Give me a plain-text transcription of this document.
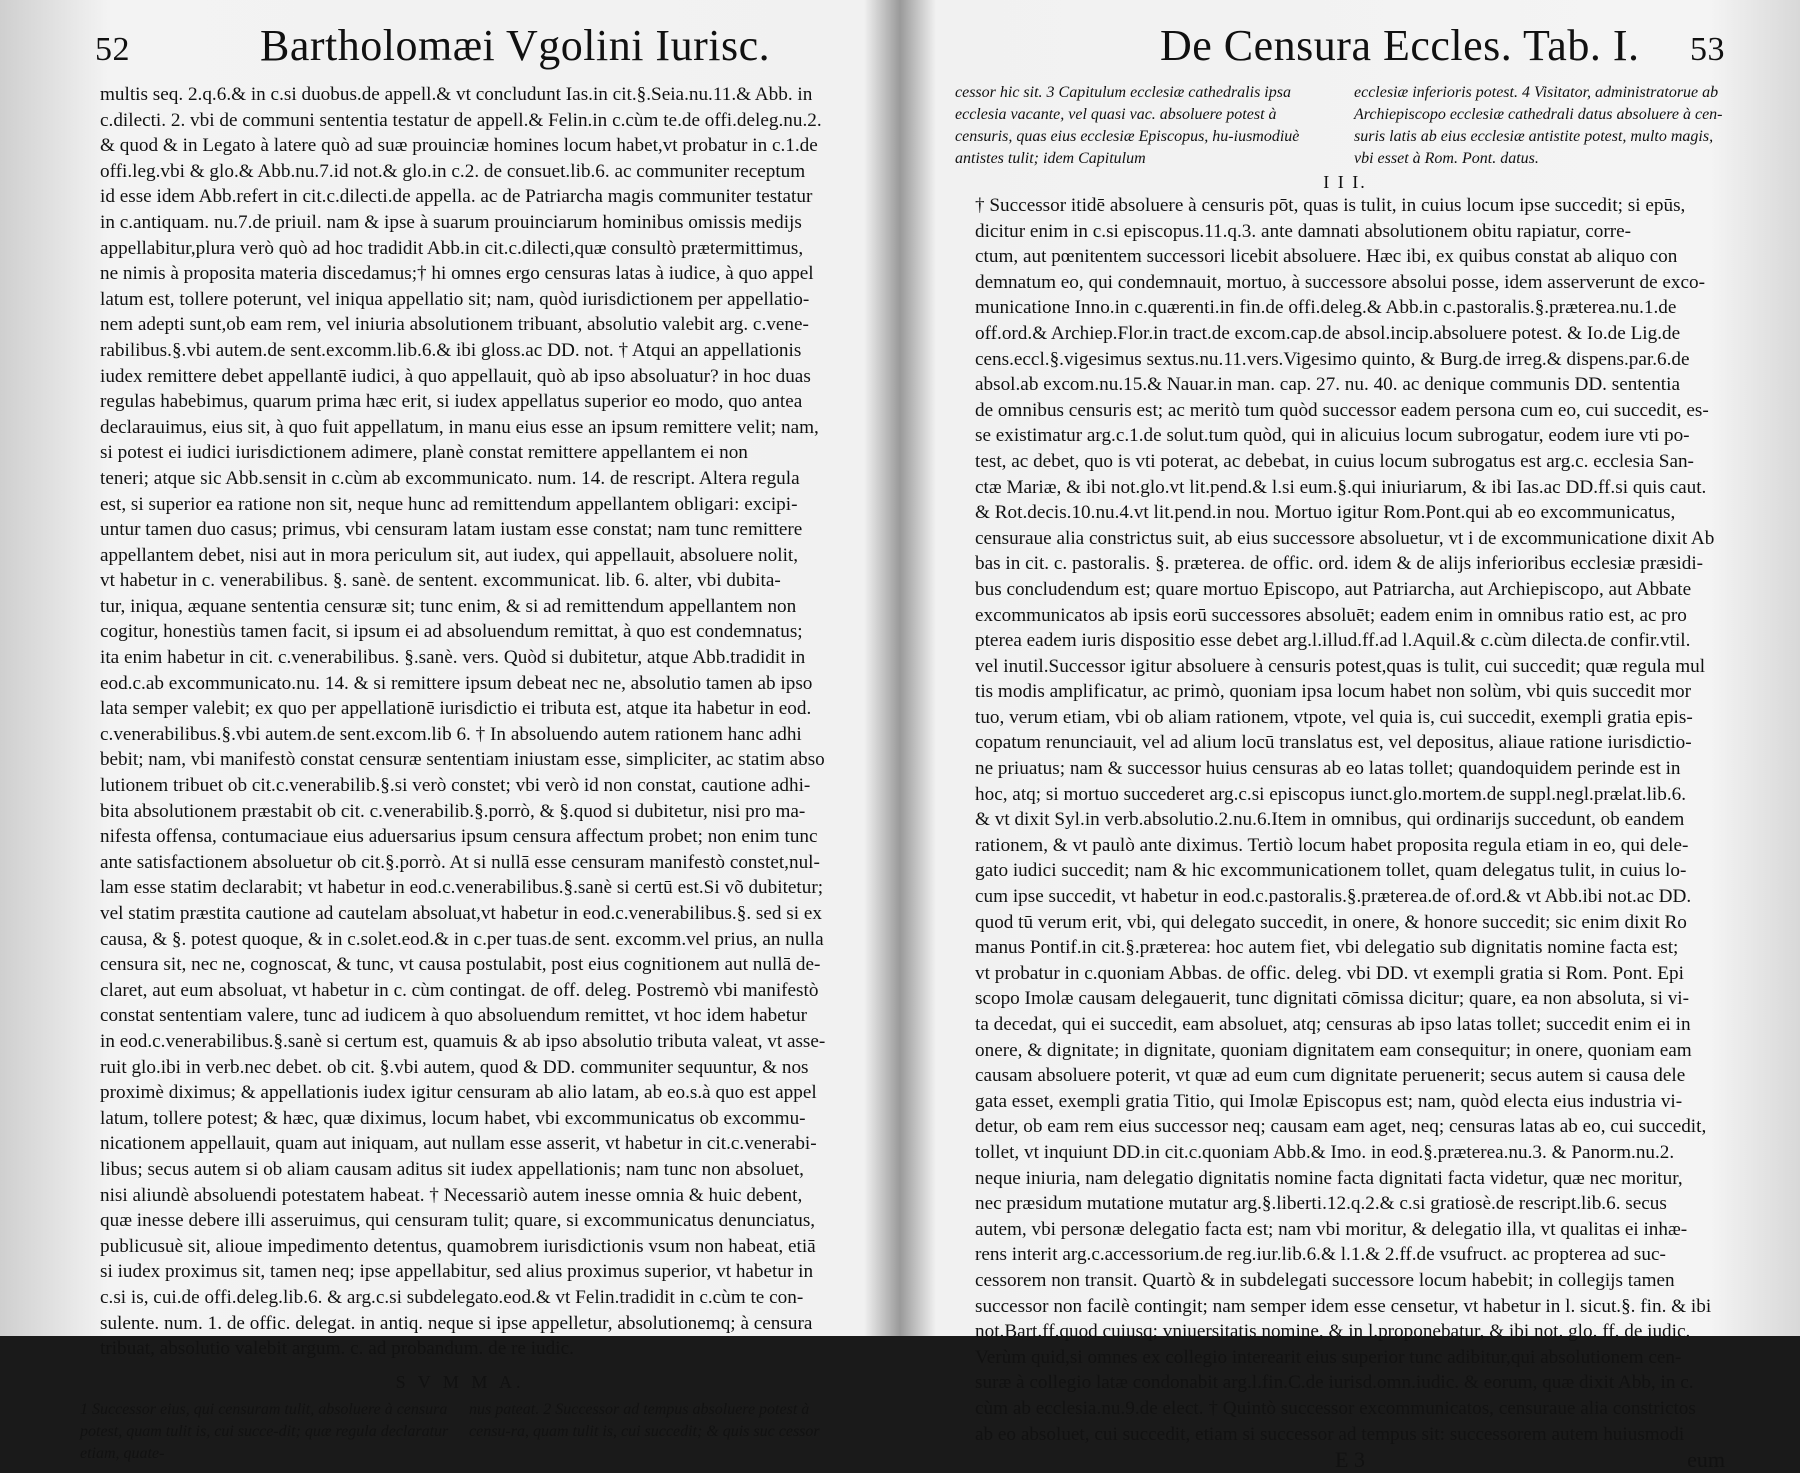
52	Bartholomæi Vgolini Iurisc.

multis seq. 2.q.6.& in c.si duobus.de appell.& vt concludunt Ias.in cit.§.Seia.nu.11.& Abb. in

c.dilecti. 2. vbi de communi sententia testatur de appell.& Felin.in c.cùm te.de offi.deleg.nu.2.

& quod & in Legato à latere quò ad suæ prouinciæ homines locum habet,vt probatur in c.1.de

offi.leg.vbi & glo.& Abb.nu.7.id not.& glo.in c.2. de consuet.lib.6. ac communiter receptum

id esse idem Abb.refert in cit.c.dilecti.de appella. ac de Patriarcha magis communiter testatur

in c.antiquam. nu.7.de priuil. nam & ipse à suarum prouinciarum hominibus omissis medijs

appellabitur,plura verò quò ad hoc tradidit Abb.in cit.c.dilecti,quæ consultò prætermittimus,

ne nimis à proposita materia discedamus;† hi omnes ergo censuras latas à iudice, à quo appel

latum est, tollere poterunt, vel iniqua appellatio sit; nam, quòd iurisdictionem per appellatio-

nem adepti sunt,ob eam rem, vel iniuria absolutionem tribuant, absolutio valebit arg. c.vene-

rabilibus.§.vbi autem.de sent.excomm.lib.6.& ibi gloss.ac DD. not. † Atqui an appellationis

iudex remittere debet appellantē iudici, à quo appellauit, quò ab ipso absoluatur? in hoc duas

regulas habebimus, quarum prima hæc erit, si iudex appellatus superior eo modo, quo antea

declarauimus, eius sit, à quo fuit appellatum, in manu eius esse an ipsum remittere velit; nam,

si potest ei iudici iurisdictionem adimere, planè constat remittere appellantem ei non

teneri; atque sic Abb.sensit in c.cùm ab excommunicato. num. 14. de rescript. Altera regula

est, si superior ea ratione non sit, neque hunc ad remittendum appellantem obligari: excipi-

untur tamen duo casus; primus, vbi censuram latam iustam esse constat; nam tunc remittere

appellantem debet, nisi aut in mora periculum sit, aut iudex, qui appellauit, absoluere nolit,

vt habetur in c. venerabilibus. §. sanè. de sentent. excommunicat. lib. 6. alter, vbi dubita-

tur, iniqua, æquane sententia censuræ sit; tunc enim, & si ad remittendum appellantem non

cogitur, honestiùs tamen facit, si ipsum ei ad absoluendum remittat, à quo est condemnatus;

ita enim habetur in cit. c.venerabilibus. §.sanè. vers. Quòd si dubitetur, atque Abb.tradidit in

eod.c.ab excommunicato.nu. 14. & si remittere ipsum debeat nec ne, absolutio tamen ab ipso

lata semper valebit; ex quo per appellationē iurisdictio ei tributa est, atque ita habetur in eod.

c.venerabilibus.§.vbi autem.de sent.excom.lib 6. † In absoluendo autem rationem hanc adhi

bebit; nam, vbi manifestò constat censuræ sententiam iniustam esse, simpliciter, ac statim abso

lutionem tribuet ob cit.c.venerabilib.§.si verò constet; vbi verò id non constat, cautione adhi-

bita absolutionem præstabit ob cit. c.venerabilib.§.porrò, & §.quod si dubitetur, nisi pro ma-

nifesta offensa, contumaciaue eius aduersarius ipsum censura affectum probet; non enim tunc

ante satisfactionem absoluetur ob cit.§.porrò. At si nullā esse censuram manifestò constet,nul-

lam esse statim declarabit; vt habetur in eod.c.venerabilibus.§.sanè si certū est.Si võ dubitetur;

vel statim præstita cautione ad cautelam absoluat,vt habetur in eod.c.venerabilibus.§. sed si ex

causa, & §. potest quoque, & in c.solet.eod.& in c.per tuas.de sent. excomm.vel prius, an nulla

censura sit, nec ne, cognoscat, & tunc, vt causa postulabit, post eius cognitionem aut nullā de-

claret, aut eum absoluat, vt habetur in c. cùm contingat. de off. deleg. Postremò vbi manifestò

constat sententiam valere, tunc ad iudicem à quo absoluendum remittet, vt hoc idem habetur

in eod.c.venerabilibus.§.sanè si certum est, quamuis & ab ipso absolutio tributa valeat, vt asse-

ruit glo.ibi in verb.nec debet. ob cit. §.vbi autem, quod & DD. communiter sequuntur, & nos

proximè diximus; & appellationis iudex igitur censuram ab alio latam, ab eo.s.à quo est appel

latum, tollere potest; & hæc, quæ diximus, locum habet, vbi excommunicatus ob excommu-

nicationem appellauit, quam aut iniquam, aut nullam esse asserit, vt habetur in cit.c.venerabi-

libus; secus autem si ob aliam causam aditus sit iudex appellationis; nam tunc non absoluet,

nisi aliundè absoluendi potestatem habeat. † Necessariò autem inesse omnia & huic debent,

quæ inesse debere illi asseruimus, qui censuram tulit; quare, si excommunicatus denunciatus,

publicusuè sit, alioue impedimento detentus, quamobrem iurisdictionis vsum non habeat, etiā

si iudex proximus sit, tamen neq; ipse appellabitur, sed alius proximus superior, vt habetur in

c.si is, cui.de offi.deleg.lib.6. & arg.c.si subdelegato.eod.& vt Felin.tradidit in c.cùm te con-

sulente. num. 1. de offic. delegat. in antiq. neque si ipse appelletur, absolutionemq; à censura

tribuat, absolutio valebit argum. c. ad probandum. de re iudic.

S V M M A.
1 Successor eius, qui censuram tulit, absoluere à censura potest, quam tulit is, cui succe-dit; quæ regula declaratur etiam, quate-
nus pateat. 2 Successor ad tempus absoluere potest à censu-ra, quam tulit is, cui succedit; & quis suc cessor
De Censura Eccles. Tab. I. 53
cessor hic sit. 3 Capitulum ecclesiæ cathedralis ipsa ecclesia vacante, vel quasi vac. absoluere potest à censuris, quas eius ecclesiæ Episcopus, hu-iusmodiuè antistes tulit; idem Capitulum
ecclesiæ inferioris potest. 4 Visitator, administratorue ab Archiepiscopo ecclesiæ cathedrali datus absoluere à cen-suris latis ab eius ecclesiæ antistite potest, multo magis, vbi esset à Rom. Pont. datus.
I I I.

† Successor itidē absoluere à censuris pōt, quas is tulit, in cuius locum ipse succedit; si epūs,

dicitur enim in c.si episcopus.11.q.3. ante damnati absolutionem obitu rapiatur, corre-

ctum, aut pœnitentem successori licebit absoluere. Hæc ibi, ex quibus constat ab aliquo con

demnatum eo, qui condemnauit, mortuo, à successore absolui posse, idem asserverunt de exco-

municatione Inno.in c.quærenti.in fin.de offi.deleg.& Abb.in c.pastoralis.§.præterea.nu.1.de

off.ord.& Archiep.Flor.in tract.de excom.cap.de absol.incip.absoluere potest. & Io.de Lig.de

cens.eccl.§.vigesimus sextus.nu.11.vers.Vigesimo quinto, & Burg.de irreg.& dispens.par.6.de

absol.ab excom.nu.15.& Nauar.in man. cap. 27. nu. 40. ac denique communis DD. sententia

de omnibus censuris est; ac meritò tum quòd successor eadem persona cum eo, cui succedit, es-

se existimatur arg.c.1.de solut.tum quòd, qui in alicuius locum subrogatur, eodem iure vti po-

test, ac debet, quo is vti poterat, ac debebat, in cuius locum subrogatus est arg.c. ecclesia San-

ctæ Mariæ, & ibi not.glo.vt lit.pend.& l.si eum.§.qui iniuriarum, & ibi Ias.ac DD.ff.si quis caut.

& Rot.decis.10.nu.4.vt lit.pend.in nou. Mortuo igitur Rom.Pont.qui ab eo excommunicatus,

censuraue alia constrictus suit, ab eius successore absoluetur, vt i de excommunicatione dixit Ab

bas in cit. c. pastoralis. §. præterea. de offic. ord. idem & de alijs inferioribus ecclesiæ præsidi-

bus concludendum est; quare mortuo Episcopo, aut Patriarcha, aut Archiepiscopo, aut Abbate

excommunicatos ab ipsis eorū successores absoluēt; eadem enim in omnibus ratio est, ac pro

pterea eadem iuris dispositio esse debet arg.l.illud.ff.ad l.Aquil.& c.cùm dilecta.de confir.vtil.

vel inutil.Successor igitur absoluere à censuris potest,quas is tulit, cui succedit; quæ regula mul

tis modis amplificatur, ac primò, quoniam ipsa locum habet non solùm, vbi quis succedit mor

tuo, verum etiam, vbi ob aliam rationem, vtpote, vel quia is, cui succedit, exempli gratia epis-

copatum renunciauit, vel ad alium locū translatus est, vel depositus, aliaue ratione iurisdictio-

ne priuatus; nam & successor huius censuras ab eo latas tollet; quandoquidem perinde est in

hoc, atq; si mortuo succederet arg.c.si episcopus iunct.glo.mortem.de suppl.negl.prælat.lib.6.

& vt dixit Syl.in verb.absolutio.2.nu.6.Item in omnibus, qui ordinarijs succedunt, ob eandem

rationem, & vt paulò ante diximus. Tertiò locum habet proposita regula etiam in eo, qui dele-

gato iudici succedit; nam & hic excommunicationem tollet, quam delegatus tulit, in cuius lo-

cum ipse succedit, vt habetur in eod.c.pastoralis.§.præterea.de of.ord.& vt Abb.ibi not.ac DD.

quod tū verum erit, vbi, qui delegato succedit, in onere, & honore succedit; sic enim dixit Ro

manus Pontif.in cit.§.præterea: hoc autem fiet, vbi delegatio sub dignitatis nomine facta est;

vt probatur in c.quoniam Abbas. de offic. deleg. vbi DD. vt exempli gratia si Rom. Pont. Epi

scopo Imolæ causam delegauerit, tunc dignitati cōmissa dicitur; quare, ea non absoluta, si vi-

ta decedat, qui ei succedit, eam absoluet, atq; censuras ab ipso latas tollet; succedit enim ei in

onere, & dignitate; in dignitate, quoniam dignitatem eam consequitur; in onere, quoniam eam

causam absoluere poterit, vt quæ ad eum cum dignitate peruenerit; secus autem si causa dele

gata esset, exempli gratia Titio, qui Imolæ Episcopus est; nam, quòd electa eius industria vi-

detur, ob eam rem eius successor neq; causam eam aget, neq; censuras latas ab eo, cui succedit,

tollet, vt inquiunt DD.in cit.c.quoniam Abb.& Imo. in eod.§.præterea.nu.3. & Panorm.nu.2.

neque iniuria, nam delegatio dignitatis nomine facta dignitati facta videtur, quæ nec moritur,

nec præsidum mutatione mutatur arg.§.liberti.12.q.2.& c.si gratiosè.de rescript.lib.6. secus

autem, vbi personæ delegatio facta est; nam vbi moritur, & delegatio illa, vt qualitas ei inhæ-

rens interit arg.c.accessorium.de reg.iur.lib.6.& l.1.& 2.ff.de vsufruct. ac propterea ad suc-

cessorem non transit. Quartò & in subdelegati successore locum habebit; in collegijs tamen

successor non facilè contingit; nam semper idem esse censetur, vt habetur in l. sicut.§. fin. & ibi

not.Bart.ff.quod cuiusq; vniuersitatis nomine, & in l.proponebatur, & ibi not. glo. ff. de iudic.

Verùm quid,si omnes ex collegio interearit eius superior tunc adibitur,qui absolutionem cen-

suræ à collegio latæ condonabit arg.l.fin.C.de iurisd.omn.iudic. & eorum, quæ dixit Abb, in c.

cùm ab ecclesia.nu.9.de elect. † Quintò successor excommunicatos, censuraue alia constrictos

ab eo absoluet, cui succedit, etiam si successor ad tempus sit: successorem autem huiusmodi

E 3	eum
